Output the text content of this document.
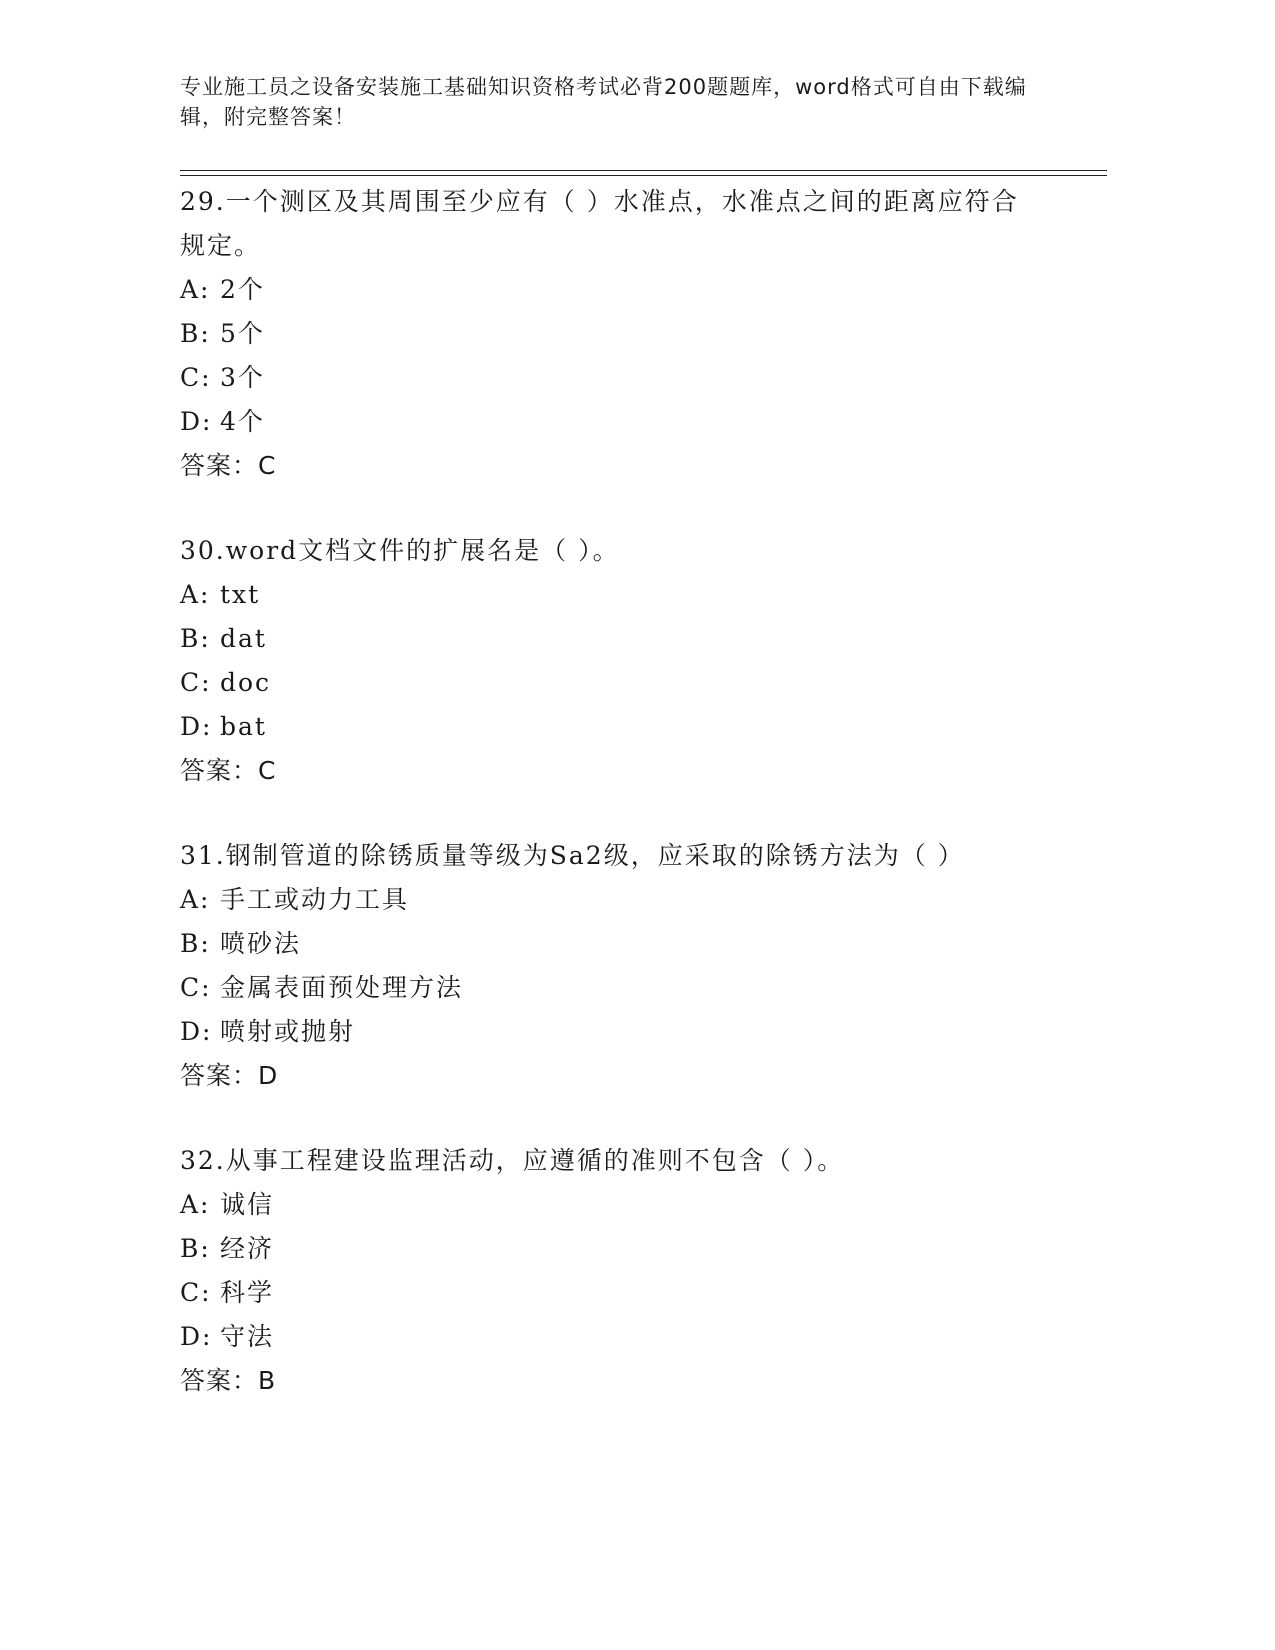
专业施工员之设备安装施工基础知识资格考试必背200题题库，word格式可自由下载编辑，附完整答案！
29.一个测区及其周围至少应有（ ）水准点，水准点之间的距离应符合规定。
A: 2个
B: 5个
C: 3个
D: 4个
答案：C
30.word文档文件的扩展名是（ ）。
A: txt
B: dat
C: doc
D: bat
答案：C
31.钢制管道的除锈质量等级为Sa2级，应采取的除锈方法为（ ）
A: 手工或动力工具
B: 喷砂法
C: 金属表面预处理方法
D: 喷射或抛射
答案：D
32.从事工程建设监理活动，应遵循的准则不包含（ ）。
A: 诚信
B: 经济
C: 科学
D: 守法
答案：B
